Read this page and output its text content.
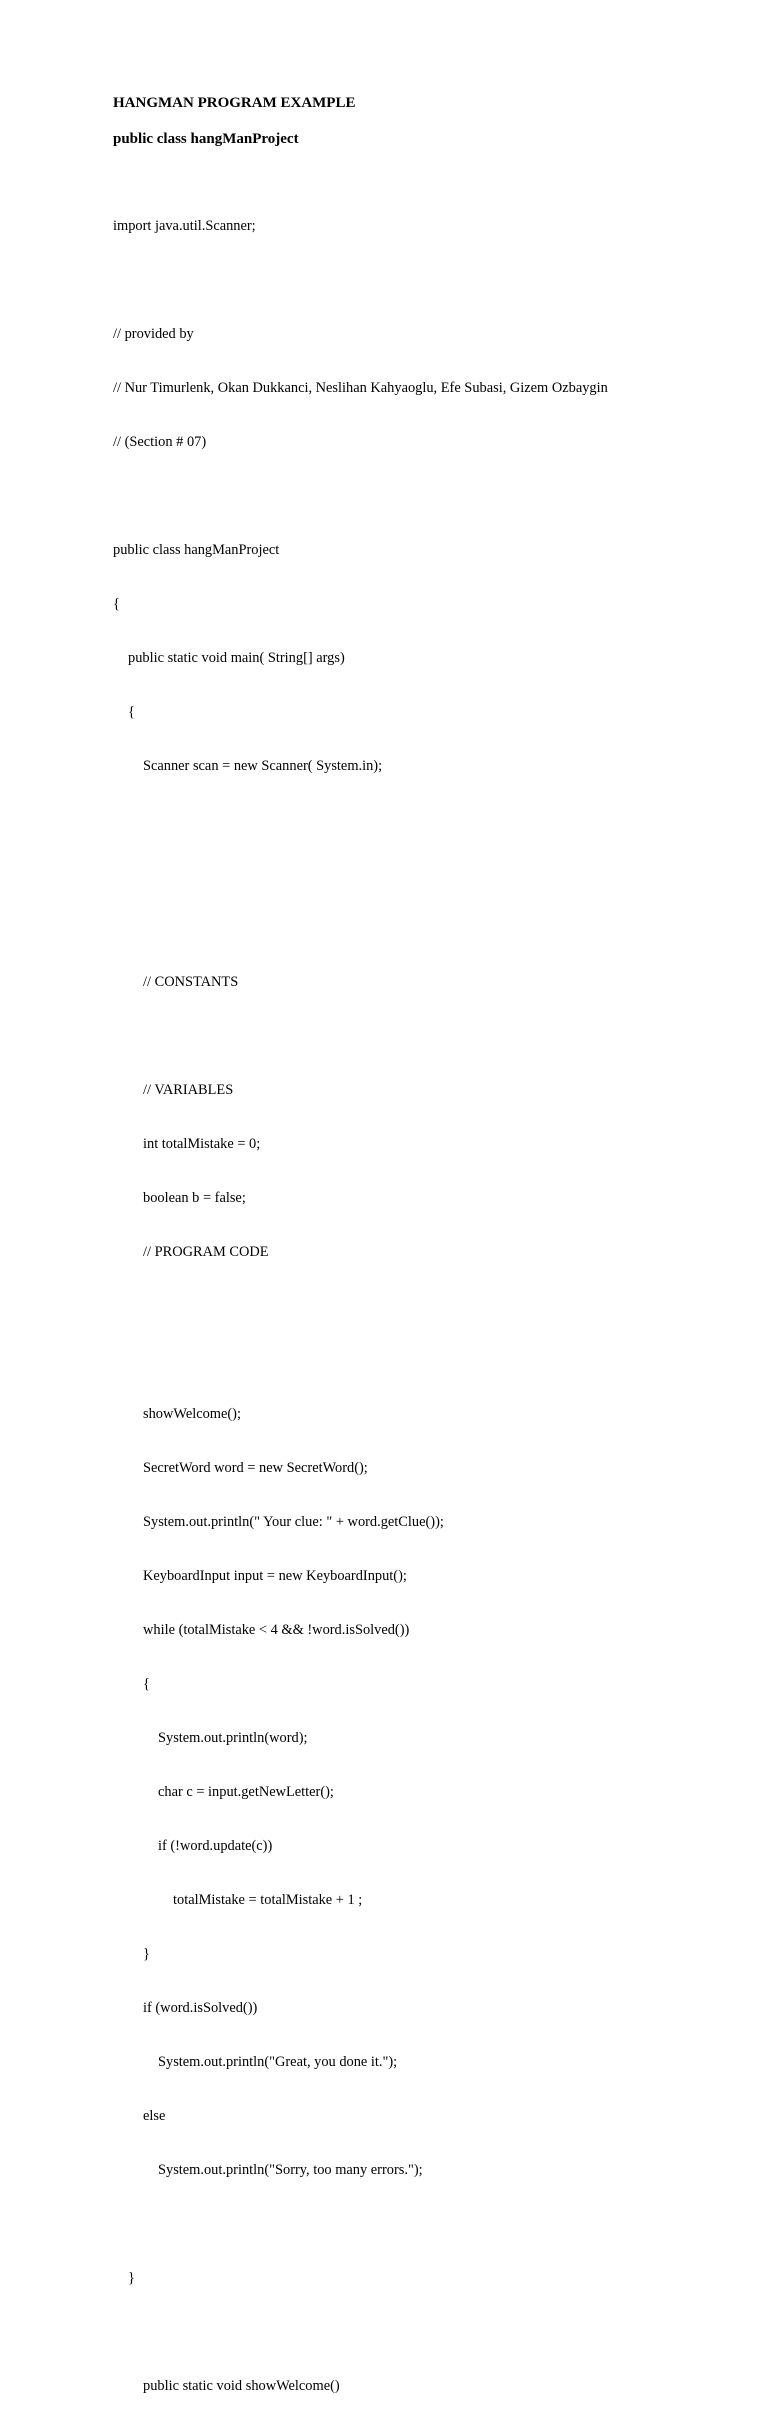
HANGMAN PROGRAM EXAMPLE
public class hangManProject

import java.util.Scanner;

// provided by

// Nur Timurlenk, Okan Dukkanci, Neslihan Kahyaoglu, Efe Subasi, Gizem Ozbaygin

// (Section # 07)

public class hangManProject

{

public static void main( String[] args)

{

Scanner scan = new Scanner( System.in);

// CONSTANTS

// VARIABLES

int totalMistake = 0;

boolean b = false;

// PROGRAM CODE

showWelcome();

SecretWord word = new SecretWord();

System.out.println(" Your clue: " + word.getClue());

KeyboardInput input = new KeyboardInput();

while (totalMistake < 4 && !word.isSolved())

{

System.out.println(word);

char c = input.getNewLetter();

if (!word.update(c))

totalMistake = totalMistake + 1 ;

}

if (word.isSolved())

System.out.println("Great, you done it.");

else

System.out.println("Sorry, too many errors.");

}

public static void showWelcome()
